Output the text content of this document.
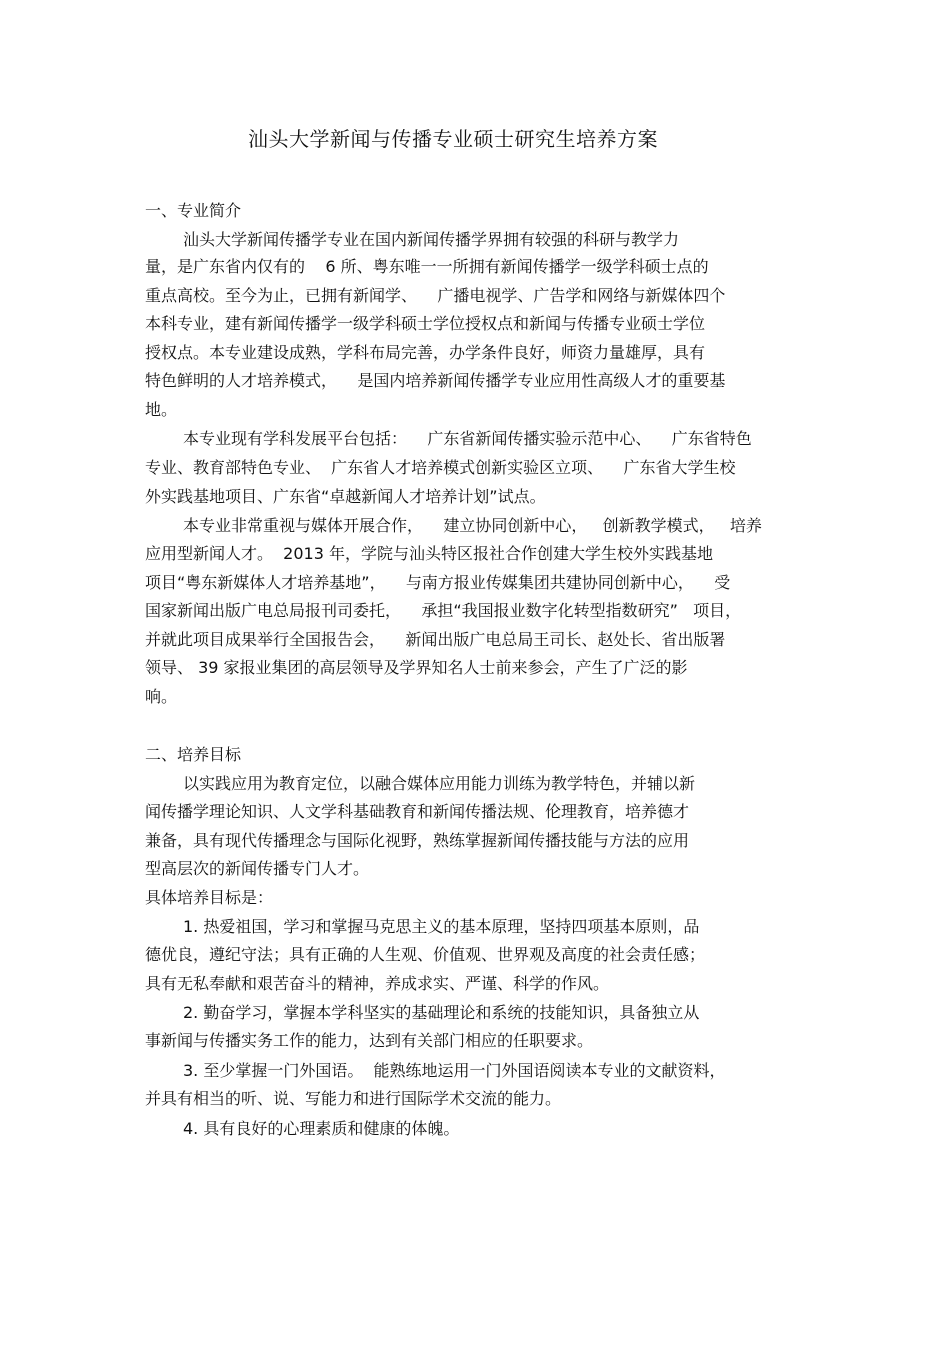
汕头大学新闻与传播专业硕士研究生培养方案
一、专业简介
汕头大学新闻传播学专业在国内新闻传播学界拥有较强的科研与教学力
量，是广东省内仅有的    6 所、粤东唯一一所拥有新闻传播学一级学科硕士点的
重点高校。至今为止，已拥有新闻学、    广播电视学、广告学和网络与新媒体四个
本科专业，建有新闻传播学一级学科硕士学位授权点和新闻与传播专业硕士学位
授权点。本专业建设成熟，学科布局完善，办学条件良好，师资力量雄厚，具有
特色鲜明的人才培养模式，    是国内培养新闻传播学专业应用性高级人才的重要基
地。
本专业现有学科发展平台包括：    广东省新闻传播实验示范中心、    广东省特色
专业、教育部特色专业、  广东省人才培养模式创新实验区立项、    广东省大学生校
外实践基地项目、广东省“卓越新闻人才培养计划”试点。
本专业非常重视与媒体开展合作，    建立协同创新中心，   创新教学模式，   培养
应用型新闻人才。  2013 年，学院与汕头特区报社合作创建大学生校外实践基地
项目“粤东新媒体人才培养基地”，    与南方报业传媒集团共建协同创新中心，    受
国家新闻出版广电总局报刊司委托，    承担“我国报业数字化转型指数研究”   项目，
并就此项目成果举行全国报告会，    新闻出版广电总局王司长、赵处长、省出版署
领导、 39 家报业集团的高层领导及学界知名人士前来参会，产生了广泛的影
响。
二、培养目标
以实践应用为教育定位，以融合媒体应用能力训练为教学特色，并辅以新
闻传播学理论知识、人文学科基础教育和新闻传播法规、伦理教育，培养德才
兼备，具有现代传播理念与国际化视野，熟练掌握新闻传播技能与方法的应用
型高层次的新闻传播专门人才。
具体培养目标是：
1. 热爱祖国，学习和掌握马克思主义的基本原理，坚持四项基本原则，品
德优良，遵纪守法；具有正确的人生观、价值观、世界观及高度的社会责任感；
具有无私奉献和艰苦奋斗的精神，养成求实、严谨、科学的作风。
2. 勤奋学习，掌握本学科坚实的基础理论和系统的技能知识，具备独立从
事新闻与传播实务工作的能力，达到有关部门相应的任职要求。
3. 至少掌握一门外国语。  能熟练地运用一门外国语阅读本专业的文献资料，
并具有相当的听、说、写能力和进行国际学术交流的能力。
4. 具有良好的心理素质和健康的体魄。
